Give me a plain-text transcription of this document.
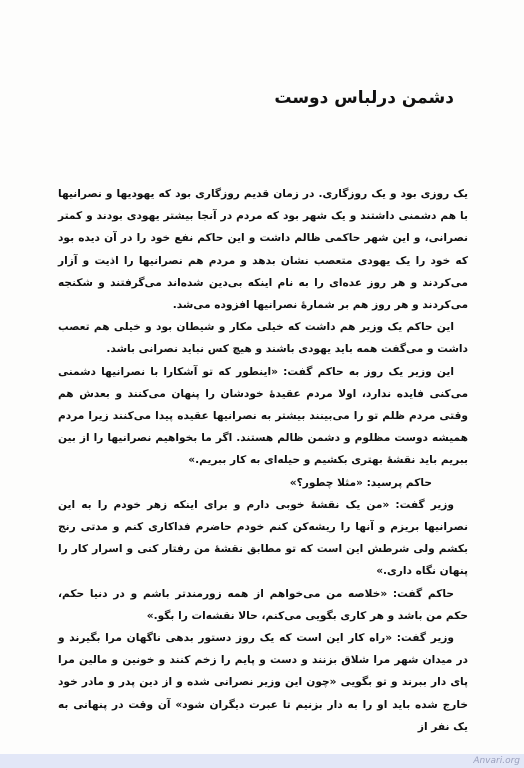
دشمن درلباس دوست

یک روزی بود و یک روزگاری. در زمان قدیم روزگاری بود که یهودیها و نصرانیها با هم دشمنی داشتند و یک شهر بود که مردم در آنجا بیشتر یهودی بودند و کمتر نصرانی، و این شهر حاکمی ظالم داشت و این حاکم نفع خود را در آن دیده بود که خود را یک یهودی متعصب نشان بدهد و مردم هم نصرانیها را اذیت و آزار می‌کردند و هر روز عده‌ای را به نام اینکه بی‌دین شده‌اند می‌گرفتند و شکنجه می‌کردند و هر روز هم بر شمارهٔ نصرانیها افزوده می‌شد.

این حاکم یک وزیر هم داشت که خیلی مکار و شیطان بود و خیلی هم تعصب داشت و می‌گفت همه باید یهودی باشند و هیچ کس نباید نصرانی باشد.

این وزیر یک روز به حاکم گفت: «اینطور که تو آشکارا با نصرانیها دشمنی می‌کنی فایده ندارد، اولا مردم عقیدهٔ خودشان را پنهان می‌کنند و بعدش هم وقتی مردم ظلم تو را می‌بینند بیشتر به نصرانیها عقیده پیدا می‌کنند زیرا مردم همیشه دوست مظلوم و دشمن ظالم هستند. اگر ما بخواهیم نصرانیها را از بین ببریم باید نقشهٔ بهتری بکشیم و حیله‌ای به کار ببریم.»

حاکم پرسید: «مثلا چطور؟»

وزیر گفت: «من یک نقشهٔ خوبی دارم و برای اینکه زهر خودم را به این نصرانیها بریزم و آنها را ریشه‌کن کنم خودم حاضرم فداکاری کنم و مدتی رنج بکشم ولی شرطش این است که تو مطابق نقشهٔ من رفتار کنی و اسرار کار را پنهان نگاه داری.»

حاکم گفت: «خلاصه من می‌خواهم از همه زورمندتر باشم و در دنیا حکم، حکم من باشد و هر کاری بگویی می‌کنم، حالا نقشه‌ات را بگو.»

وزیر گفت: «راه کار این است که یک روز دستور بدهی ناگهان مرا بگیرند و در میدان شهر مرا شلاق بزنند و دست و پایم را زخم کنند و خونین و مالین مرا پای دار ببرند و تو بگویی «چون این وزیر نصرانی شده و از دین پدر و مادر خود خارج شده باید او را به دار بزنیم تا عبرت دیگران شود» آن وقت در پنهانی به یک نفر از

Anvari.org
